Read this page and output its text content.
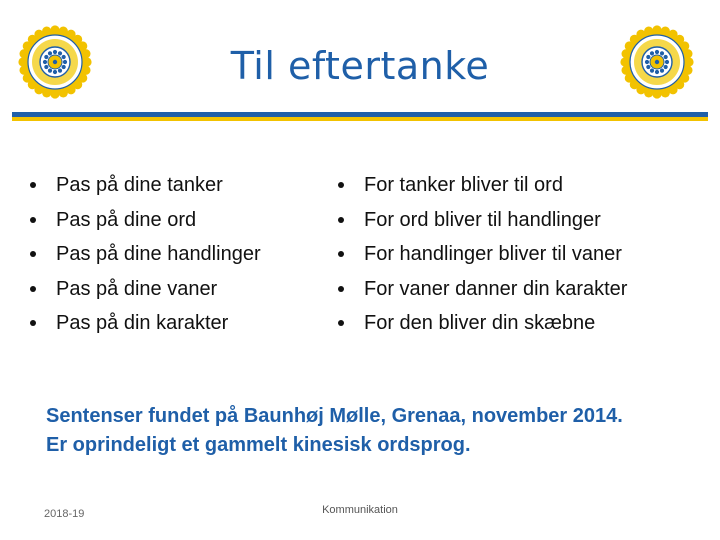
Til eftertanke
Pas på dine tanker
Pas på dine ord
Pas på dine handlinger
Pas på dine vaner
Pas på din karakter
For tanker bliver til ord
For ord bliver til handlinger
For handlinger bliver til vaner
For vaner danner din karakter
For den bliver din skæbne
Sentenser fundet på Baunhøj Mølle, Grenaa, november 2014.
Er oprindeligt et gammelt kinesisk ordsprog.
2018-19	Kommunikation
